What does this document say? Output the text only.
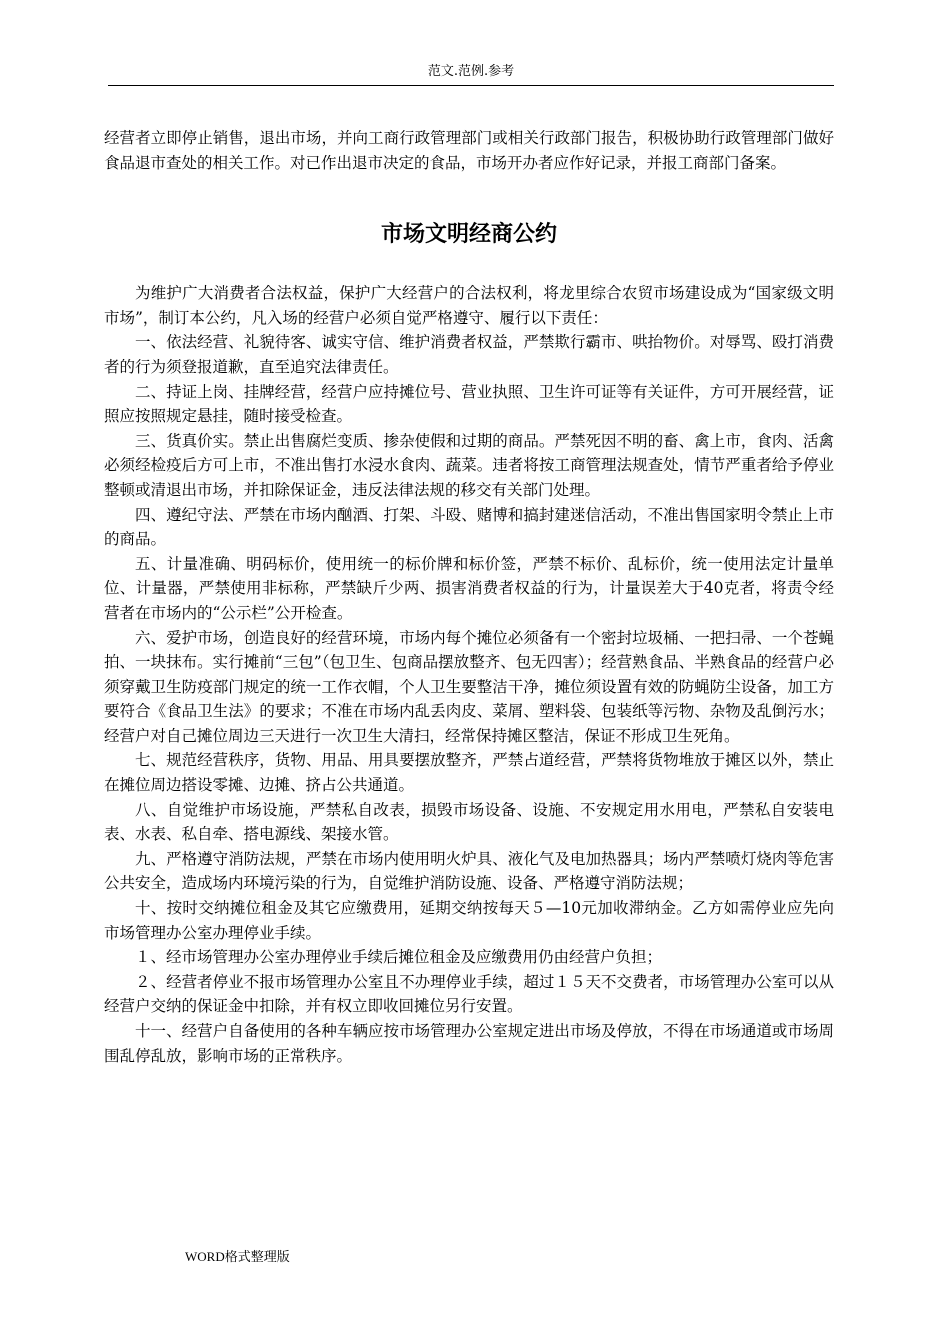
范文.范例.参考

经营者立即停止销售，退出市场，并向工商行政管理部门或相关行政部门报告，积极协助行政管理部门做好食品退市查处的相关工作。对已作出退市决定的食品，市场开办者应作好记录，并报工商部门备案。

市场文明经商公约

为维护广大消费者合法权益，保护广大经营户的合法权利，将龙里综合农贸市场建设成为“国家级文明市场”，制订本公约，凡入场的经营户必须自觉严格遵守、履行以下责任：

一、依法经营、礼貌待客、诚实守信、维护消费者权益，严禁欺行霸市、哄抬物价。对辱骂、殴打消费者的行为须登报道歉，直至追究法律责任。

二、持证上岗、挂牌经营，经营户应持摊位号、营业执照、卫生许可证等有关证件，方可开展经营，证照应按照规定悬挂，随时接受检查。

三、货真价实。禁止出售腐烂变质、掺杂使假和过期的商品。严禁死因不明的畜、禽上市，食肉、活禽必须经检疫后方可上市，不准出售打水浸水食肉、蔬菜。违者将按工商管理法规查处，情节严重者给予停业整顿或清退出市场，并扣除保证金，违反法律法规的移交有关部门处理。

四、遵纪守法、严禁在市场内酗酒、打架、斗殴、赌博和搞封建迷信活动，不准出售国家明令禁止上市的商品。

五、计量准确、明码标价，使用统一的标价牌和标价签，严禁不标价、乱标价，统一使用法定计量单位、计量器，严禁使用非标称，严禁缺斤少两、损害消费者权益的行为，计量误差大于40克者，将责令经营者在市场内的“公示栏”公开检查。

六、爱护市场，创造良好的经营环境，市场内每个摊位必须备有一个密封垃圾桶、一把扫帚、一个苍蝇拍、一块抹布。实行摊前“三包”（包卫生、包商品摆放整齐、包无四害）；经营熟食品、半熟食品的经营户必须穿戴卫生防疫部门规定的统一工作衣帽，个人卫生要整洁干净，摊位须设置有效的防蝇防尘设备，加工方要符合《食品卫生法》的要求；不准在市场内乱丢肉皮、菜屑、塑料袋、包装纸等污物、杂物及乱倒污水；经营户对自己摊位周边三天进行一次卫生大清扫，经常保持摊区整洁，保证不形成卫生死角。

七、规范经营秩序，货物、用品、用具要摆放整齐，严禁占道经营，严禁将货物堆放于摊区以外，禁止在摊位周边搭设零摊、边摊、挤占公共通道。

八、自觉维护市场设施，严禁私自改表，损毁市场设备、设施、不安规定用水用电，严禁私自安装电表、水表、私自牵、搭电源线、架接水管。

九、严格遵守消防法规，严禁在市场内使用明火炉具、液化气及电加热器具；场内严禁喷灯烧肉等危害公共安全，造成场内环境污染的行为，自觉维护消防设施、设备、严格遵守消防法规；

十、按时交纳摊位租金及其它应缴费用，延期交纳按每天５—10元加收滞纳金。乙方如需停业应先向市场管理办公室办理停业手续。

１、经市场管理办公室办理停业手续后摊位租金及应缴费用仍由经营户负担；

２、经营者停业不报市场管理办公室且不办理停业手续，超过１５天不交费者，市场管理办公室可以从经营户交纳的保证金中扣除，并有权立即收回摊位另行安置。

十一、经营户自备使用的各种车辆应按市场管理办公室规定进出市场及停放，不得在市场通道或市场周围乱停乱放，影响市场的正常秩序。

WORD格式整理版
